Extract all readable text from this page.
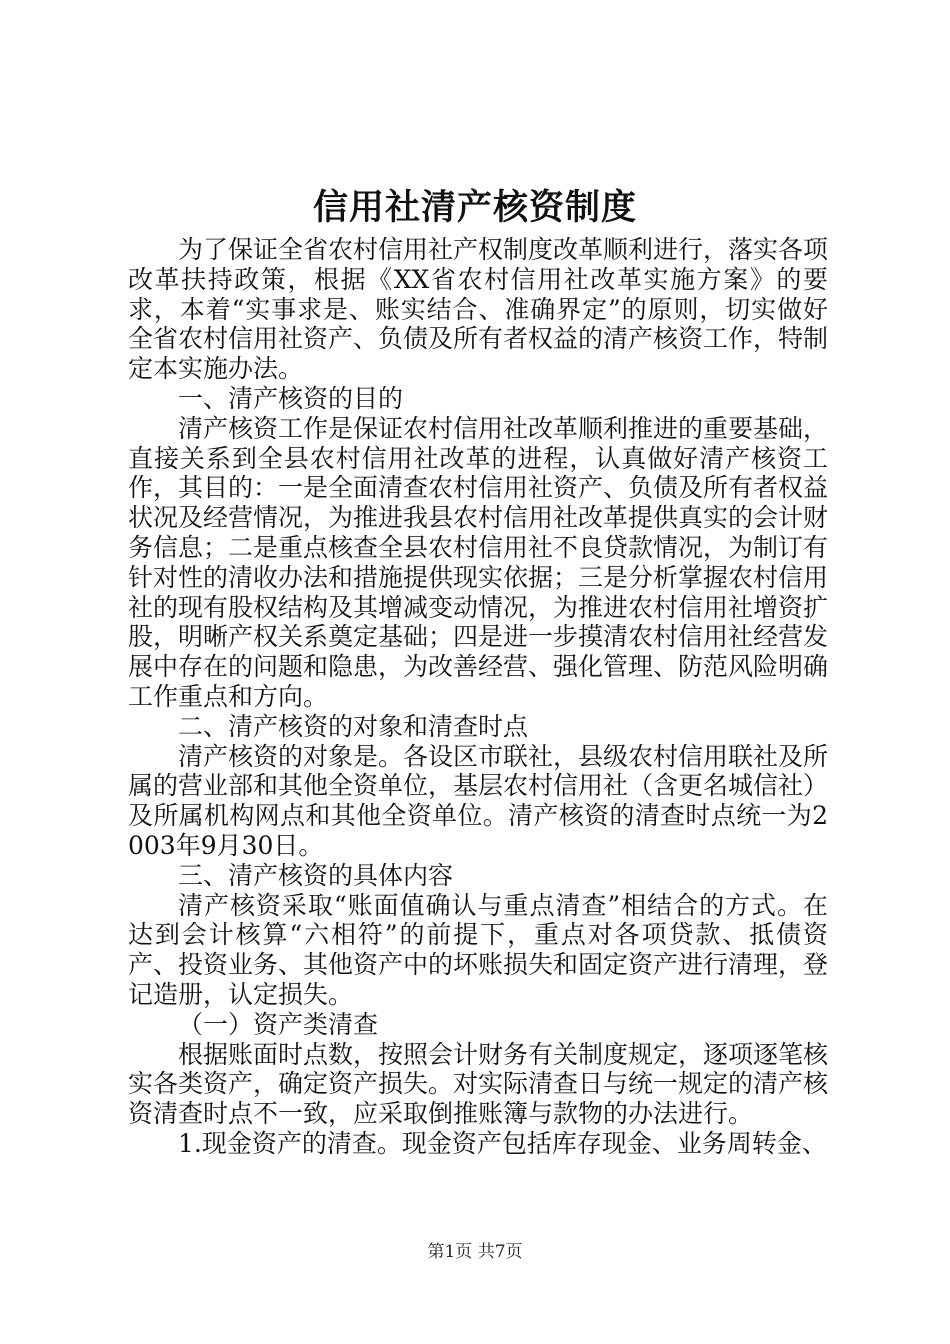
信用社清产核资制度

为了保证全省农村信用社产权制度改革顺利进行，落实各项改革扶持政策，根据《XX省农村信用社改革实施方案》的要求，本着“实事求是、账实结合、准确界定”的原则，切实做好全省农村信用社资产、负债及所有者权益的清产核资工作，特制定本实施办法。

一、清产核资的目的

清产核资工作是保证农村信用社改革顺利推进的重要基础，直接关系到全县农村信用社改革的进程，认真做好清产核资工作，其目的：一是全面清查农村信用社资产、负债及所有者权益状况及经营情况，为推进我县农村信用社改革提供真实的会计财务信息；二是重点核查全县农村信用社不良贷款情况，为制订有针对性的清收办法和措施提供现实依据；三是分析掌握农村信用社的现有股权结构及其增减变动情况，为推进农村信用社增资扩股，明晰产权关系奠定基础；四是进一步摸清农村信用社经营发展中存在的问题和隐患，为改善经营、强化管理、防范风险明确工作重点和方向。

二、清产核资的对象和清查时点

清产核资的对象是。各设区市联社，县级农村信用联社及所属的营业部和其他全资单位，基层农村信用社（含更名城信社）及所属机构网点和其他全资单位。清产核资的清查时点统一为2003年9月30日。

三、清产核资的具体内容

清产核资采取“账面值确认与重点清查”相结合的方式。在达到会计核算“六相符”的前提下，重点对各项贷款、抵债资产、投资业务、其他资产中的坏账损失和固定资产进行清理，登记造册，认定损失。

（一）资产类清查

根据账面时点数，按照会计财务有关制度规定，逐项逐笔核实各类资产，确定资产损失。对实际清查日与统一规定的清产核资清查时点不一致，应采取倒推账簿与款物的办法进行。

1.现金资产的清查。现金资产包括库存现金、业务周转金、

第1页 共7页
